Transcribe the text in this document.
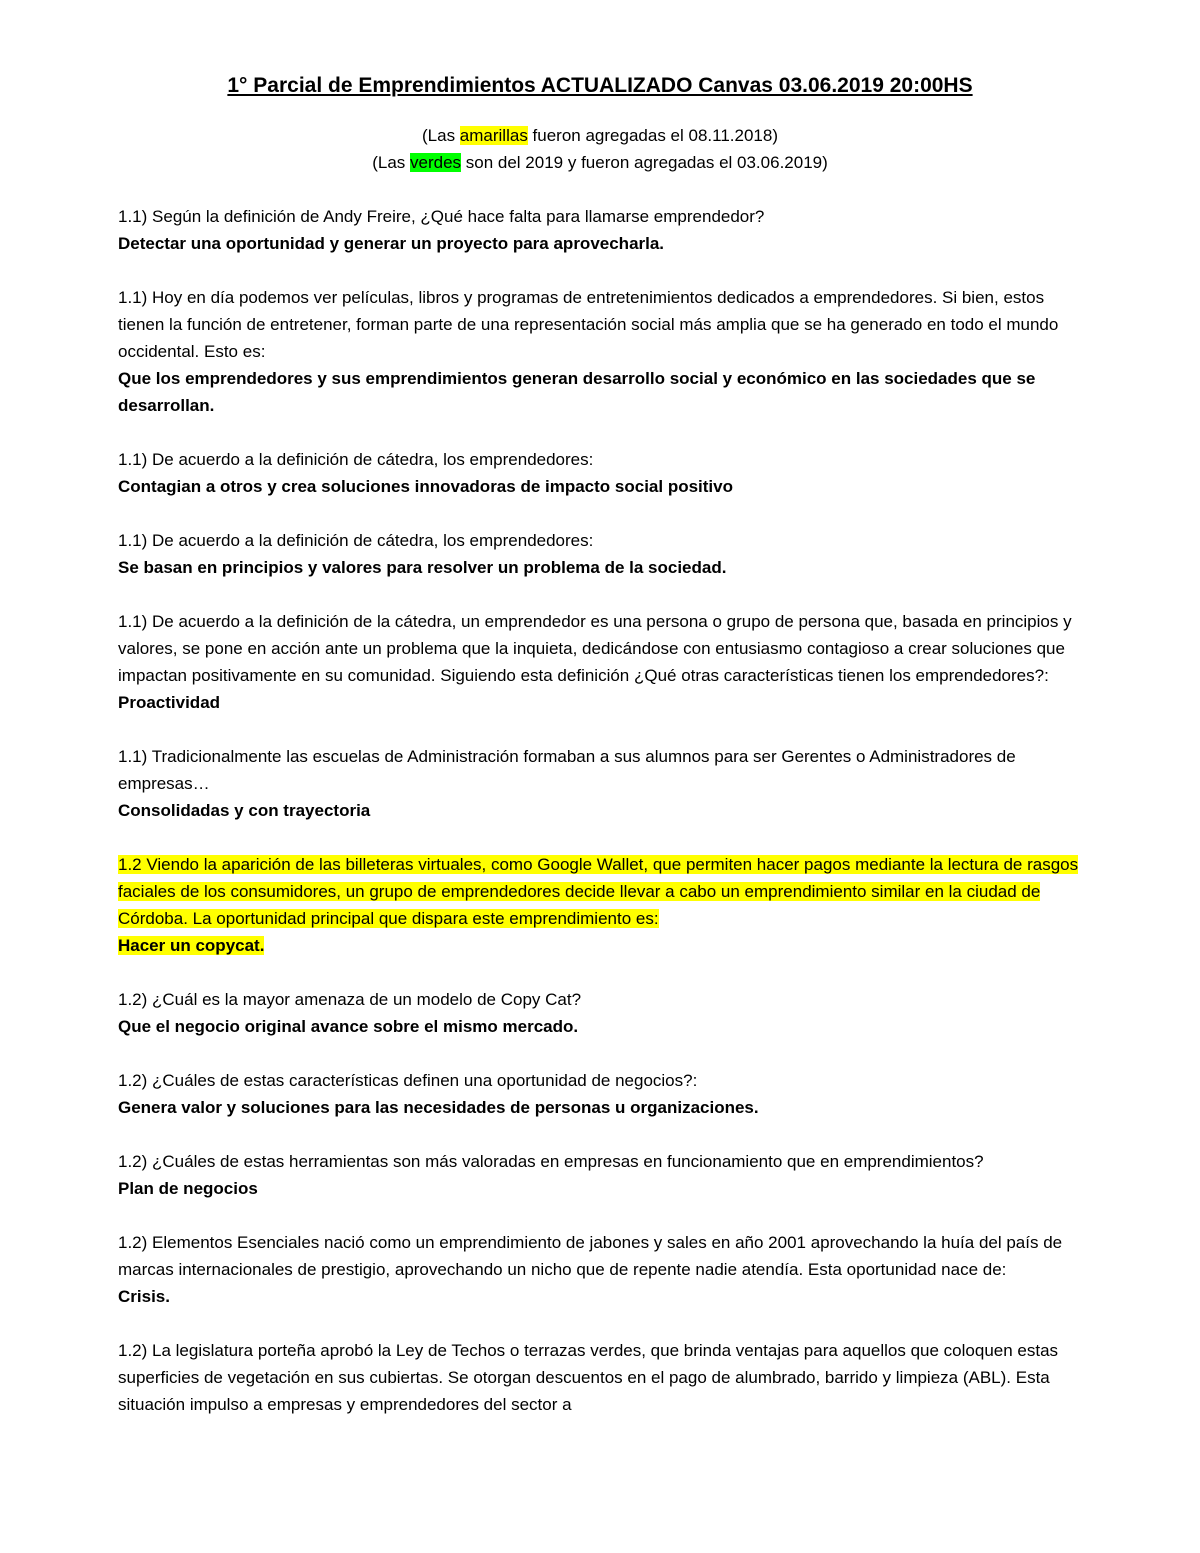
1° Parcial de Emprendimientos ACTUALIZADO Canvas 03.06.2019 20:00HS

(Las amarillas fueron agregadas el 08.11.2018)

(Las verdes son del 2019 y fueron agregadas el 03.06.2019)

1.1) Según la definición de Andy Freire, ¿Qué hace falta para llamarse emprendedor?

Detectar una oportunidad y generar un proyecto para aprovecharla.

1.1) Hoy en día podemos ver películas, libros y programas de entretenimientos dedicados a emprendedores. Si bien, estos tienen la función de entretener, forman parte de una representación social más amplia que se ha generado en todo el mundo occidental. Esto es:

Que los emprendedores y sus emprendimientos generan desarrollo social y económico en las sociedades que se desarrollan.

1.1) De acuerdo a la definición de cátedra, los emprendedores:

Contagian a otros y crea soluciones innovadoras de impacto social positivo

1.1) De acuerdo a la definición de cátedra, los emprendedores:

Se basan en principios y valores para resolver un problema de la sociedad.

1.1) De acuerdo a la definición de la cátedra, un emprendedor es una persona o grupo de persona que, basada en principios y valores, se pone en acción ante un problema que la inquieta, dedicándose con entusiasmo contagioso a crear soluciones que impactan positivamente en su comunidad. Siguiendo esta definición ¿Qué otras características tienen los emprendedores?:

Proactividad

1.1) Tradicionalmente las escuelas de Administración formaban a sus alumnos para ser Gerentes o Administradores de empresas…

Consolidadas y con trayectoria

1.2 Viendo la aparición de las billeteras virtuales, como Google Wallet, que permiten hacer pagos mediante la lectura de rasgos faciales de los consumidores, un grupo de emprendedores decide llevar a cabo un emprendimiento similar en la ciudad de Córdoba. La oportunidad principal que dispara este emprendimiento es:

Hacer un copycat.

1.2) ¿Cuál es la mayor amenaza de un modelo de Copy Cat?

Que el negocio original avance sobre el mismo mercado.

1.2) ¿Cuáles de estas características definen una oportunidad de negocios?:

Genera valor y soluciones para las necesidades de personas u organizaciones.

1.2) ¿Cuáles de estas herramientas son más valoradas en empresas en funcionamiento que en emprendimientos?

Plan de negocios

1.2) Elementos Esenciales nació como un emprendimiento de jabones y sales en año 2001 aprovechando la huía del país de marcas internacionales de prestigio, aprovechando un nicho que de repente nadie atendía. Esta oportunidad nace de:

Crisis.

1.2) La legislatura porteña aprobó la Ley de Techos o terrazas verdes, que brinda ventajas para aquellos que coloquen estas superficies de vegetación en sus cubiertas. Se otorgan descuentos en el pago de alumbrado, barrido y limpieza (ABL). Esta situación impulso a empresas y emprendedores del sector a
